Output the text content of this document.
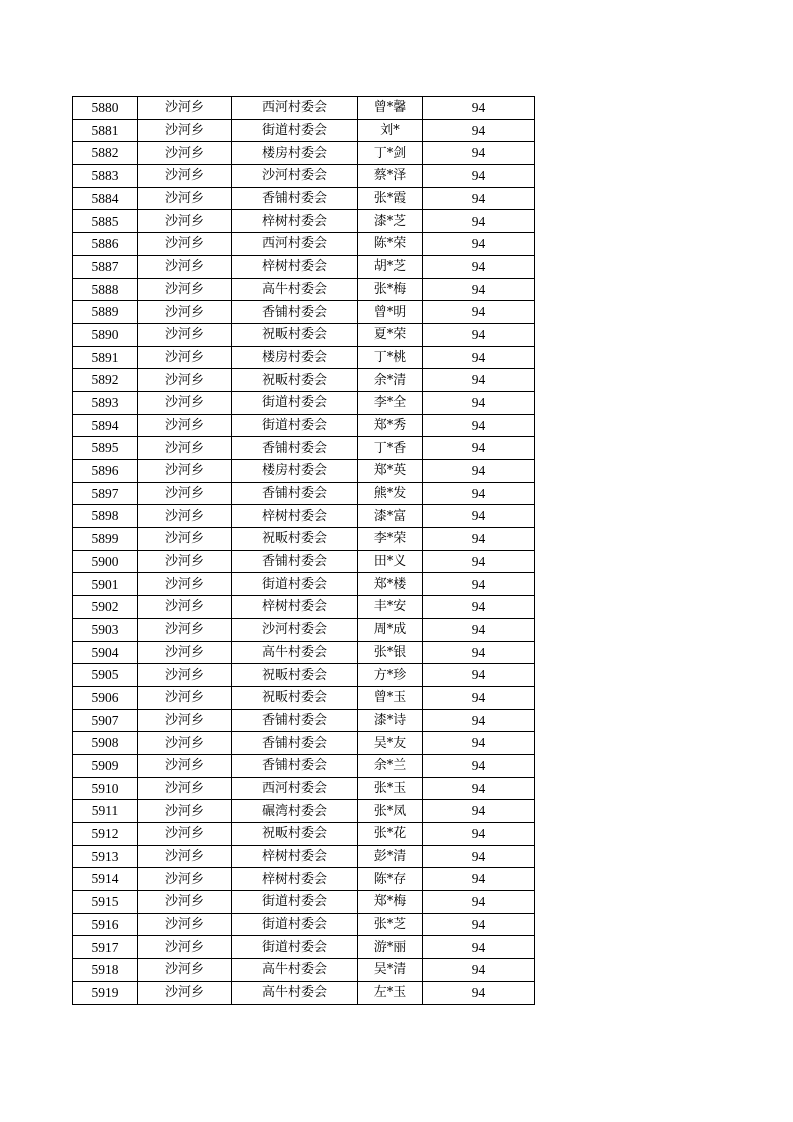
5880	沙河乡	西河村委会	曾*馨	94
5881	沙河乡	街道村委会	刘*	94
5882	沙河乡	楼房村委会	丁*剑	94
5883	沙河乡	沙河村委会	蔡*泽	94
5884	沙河乡	香铺村委会	张*霞	94
5885	沙河乡	梓树村委会	漆*芝	94
5886	沙河乡	西河村委会	陈*荣	94
5887	沙河乡	梓树村委会	胡*芝	94
5888	沙河乡	高牛村委会	张*梅	94
5889	沙河乡	香铺村委会	曾*明	94
5890	沙河乡	祝畈村委会	夏*荣	94
5891	沙河乡	楼房村委会	丁*桃	94
5892	沙河乡	祝畈村委会	余*清	94
5893	沙河乡	街道村委会	李*全	94
5894	沙河乡	街道村委会	郑*秀	94
5895	沙河乡	香铺村委会	丁*香	94
5896	沙河乡	楼房村委会	郑*英	94
5897	沙河乡	香铺村委会	熊*发	94
5898	沙河乡	梓树村委会	漆*富	94
5899	沙河乡	祝畈村委会	李*荣	94
5900	沙河乡	香铺村委会	田*义	94
5901	沙河乡	街道村委会	郑*楼	94
5902	沙河乡	梓树村委会	丰*安	94
5903	沙河乡	沙河村委会	周*成	94
5904	沙河乡	高牛村委会	张*银	94
5905	沙河乡	祝畈村委会	方*珍	94
5906	沙河乡	祝畈村委会	曾*玉	94
5907	沙河乡	香铺村委会	漆*诗	94
5908	沙河乡	香铺村委会	吴*友	94
5909	沙河乡	香铺村委会	余*兰	94
5910	沙河乡	西河村委会	张*玉	94
5911	沙河乡	碾湾村委会	张*凤	94
5912	沙河乡	祝畈村委会	张*花	94
5913	沙河乡	梓树村委会	彭*清	94
5914	沙河乡	梓树村委会	陈*存	94
5915	沙河乡	街道村委会	郑*梅	94
5916	沙河乡	街道村委会	张*芝	94
5917	沙河乡	街道村委会	游*丽	94
5918	沙河乡	高牛村委会	吴*清	94
5919	沙河乡	高牛村委会	左*玉	94
